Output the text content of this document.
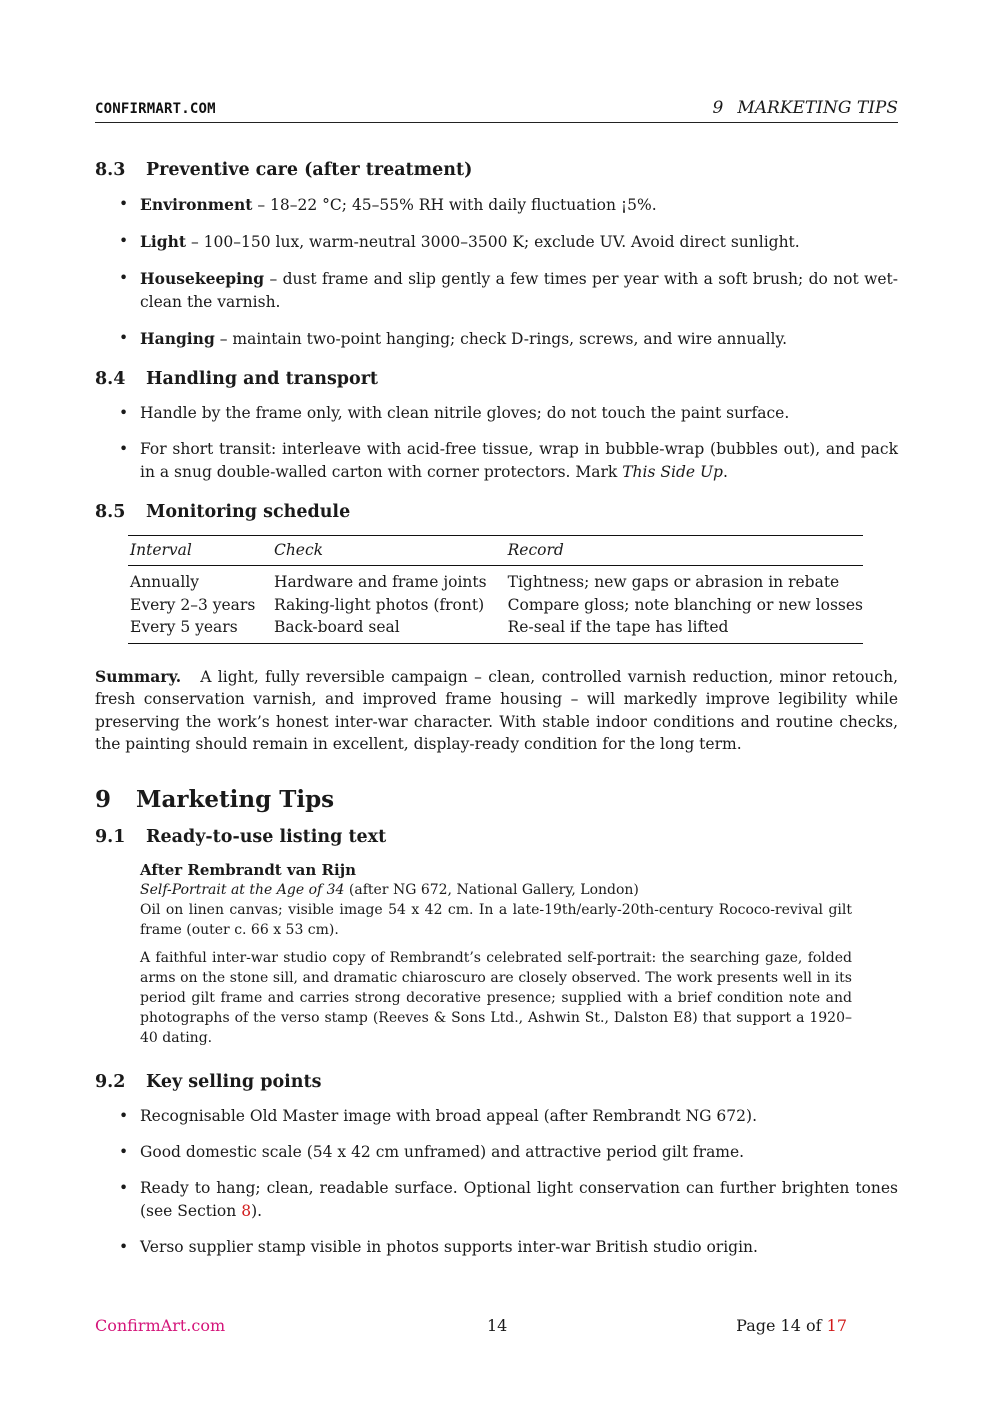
CONFIRMART.COM	9 MARKETING TIPS
8.3 Preventive care (after treatment)
• Environment – 18–22 °C; 45–55% RH with daily fluctuation ¡5%.
• Light – 100–150 lux, warm-neutral 3000–3500 K; exclude UV. Avoid direct sunlight.
• Housekeeping – dust frame and slip gently a few times per year with a soft brush; do not wet-clean the varnish.
• Hanging – maintain two-point hanging; check D-rings, screws, and wire annually.
8.4 Handling and transport
• Handle by the frame only, with clean nitrile gloves; do not touch the paint surface.
• For short transit: interleave with acid-free tissue, wrap in bubble-wrap (bubbles out), and pack in a snug double-walled carton with corner protectors. Mark This Side Up.
8.5 Monitoring schedule
Interval	Check	Record
Annually	Hardware and frame joints	Tightness; new gaps or abrasion in rebate
Every 2–3 years	Raking-light photos (front)	Compare gloss; note blanching or new losses
Every 5 years	Back-board seal	Re-seal if the tape has lifted

Summary. A light, fully reversible campaign – clean, controlled varnish reduction, minor retouch, fresh conservation varnish, and improved frame housing – will markedly improve legibility while preserving the work’s honest inter-war character. With stable indoor conditions and routine checks, the painting should remain in excellent, display-ready condition for the long term.

9 Marketing Tips
9.1 Ready-to-use listing text

After Rembrandt van Rijn

Self-Portrait at the Age of 34 (after NG 672, National Gallery, London)

Oil on linen canvas; visible image 54 x 42 cm. In a late-19th/early-20th-century Rococo-revival gilt frame (outer c. 66 x 53 cm).

A faithful inter-war studio copy of Rembrandt’s celebrated self-portrait: the searching gaze, folded arms on the stone sill, and dramatic chiaroscuro are closely observed. The work presents well in its period gilt frame and carries strong decorative presence; supplied with a brief condition note and photographs of the verso stamp (Reeves & Sons Ltd., Ashwin St., Dalston E8) that support a 1920–40 dating.

9.2 Key selling points
• Recognisable Old Master image with broad appeal (after Rembrandt NG 672).
• Good domestic scale (54 x 42 cm unframed) and attractive period gilt frame.
• Ready to hang; clean, readable surface. Optional light conservation can further brighten tones (see Section 8).
• Verso supplier stamp visible in photos supports inter-war British studio origin.
ConfirmArt.com	14	Page 14 of 17
